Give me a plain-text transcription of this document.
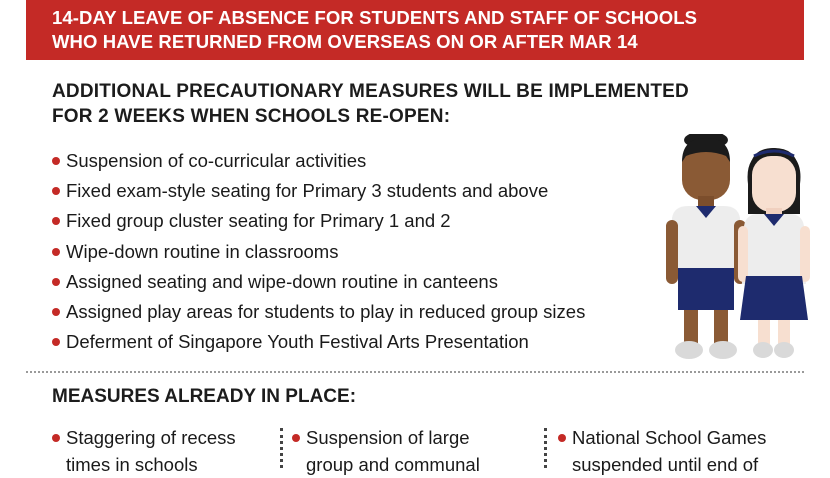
14-DAY LEAVE OF ABSENCE FOR STUDENTS AND STAFF OF SCHOOLS
WHO HAVE RETURNED FROM OVERSEAS ON OR AFTER MAR 14
ADDITIONAL PRECAUTIONARY MEASURES WILL BE IMPLEMENTED
FOR 2 WEEKS WHEN SCHOOLS RE-OPEN:
Suspension of co-curricular activities
Fixed exam-style seating for Primary 3 students and above
Fixed group cluster seating for Primary 1 and 2
Wipe-down routine in classrooms
Assigned seating and wipe-down routine in canteens
Assigned play areas for students to play in reduced group sizes
Deferment of Singapore Youth Festival Arts Presentation
MEASURES ALREADY IN PLACE:
Staggering of recess
times in schools
Suspension of large
group and communal
National School Games
suspended until end of
